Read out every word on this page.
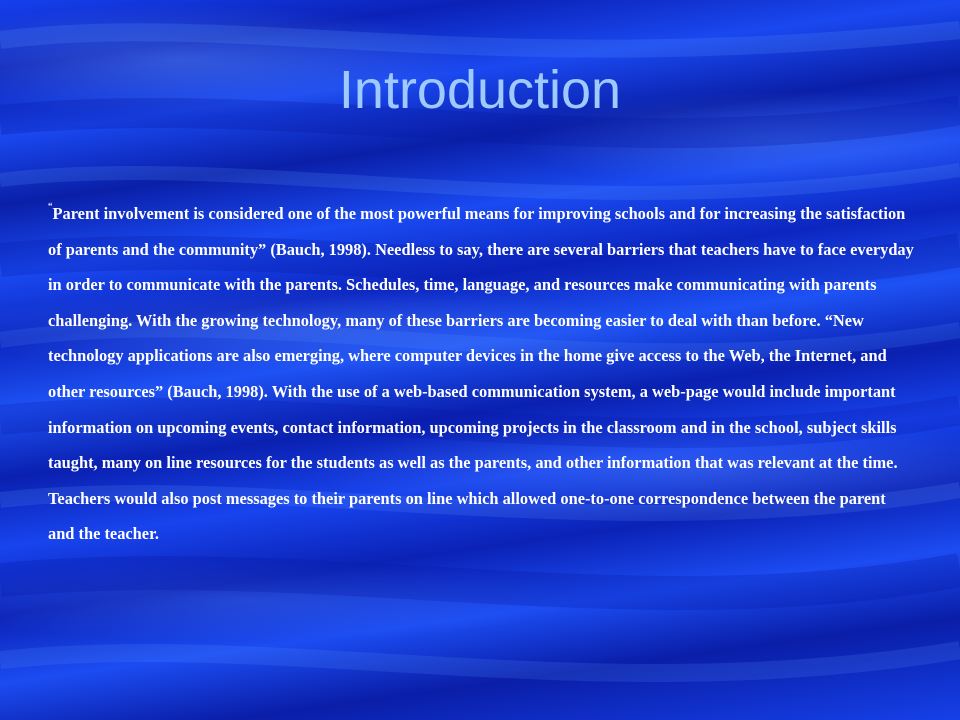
Introduction

“Parent involvement is considered one of the most powerful means for improving schools and for increasing the satisfaction of parents and the community” (Bauch, 1998). Needless to say, there are several barriers that teachers have to face everyday in order to communicate with the parents. Schedules, time, language, and resources make communicating with parents challenging. With the growing technology, many of these barriers are becoming easier to deal with than before. “New technology applications are also emerging, where computer devices in the home give access to the Web, the Internet, and other resources” (Bauch, 1998). With the use of a web-based communication system, a web-page would include important information on upcoming events, contact information, upcoming projects in the classroom and in the school, subject skills taught, many on line resources for the students as well as the parents, and other information that was relevant at the time. Teachers would also post messages to their parents on line which allowed one-to-one correspondence between the parent and the teacher.
